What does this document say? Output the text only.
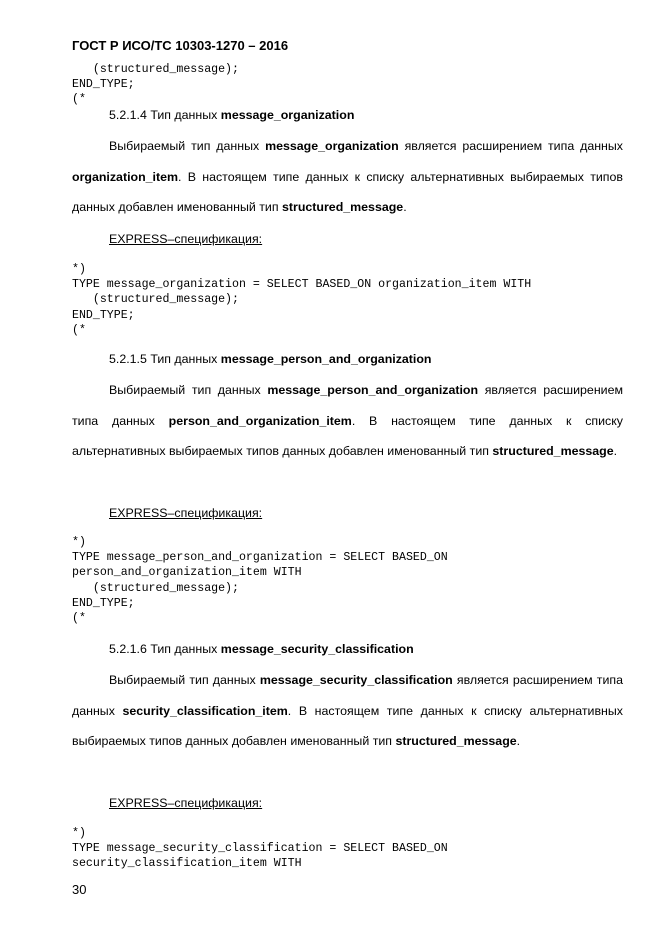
ГОСТ Р ИСО/ТС 10303-1270 – 2016
(structured_message);
END_TYPE;
(*
5.2.1.4 Тип данных message_organization

Выбираемый тип данных message_organization является расширением типа данных organization_item. В настоящем типе данных к списку альтернативных выбираемых типов данных добавлен именованный тип structured_message.

EXPRESS–спецификация:
*)
TYPE message_organization = SELECT BASED_ON organization_item WITH
(structured_message);
END_TYPE;
(*
5.2.1.5 Тип данных message_person_and_organization

Выбираемый тип данных message_person_and_organization является расширением типа данных person_and_organization_item. В настоящем типе данных к списку альтернативных выбираемых типов данных добавлен именованный тип structured_message.

EXPRESS–спецификация:
*)
TYPE message_person_and_organization = SELECT BASED_ON
person_and_organization_item WITH
(structured_message);
END_TYPE;
(*
5.2.1.6 Тип данных message_security_classification

Выбираемый тип данных message_security_classification является расширением типа данных security_classification_item. В настоящем типе данных к списку альтернативных выбираемых типов данных добавлен именованный тип structured_message.

EXPRESS–спецификация:
*)
TYPE message_security_classification = SELECT BASED_ON
security_classification_item WITH
30
